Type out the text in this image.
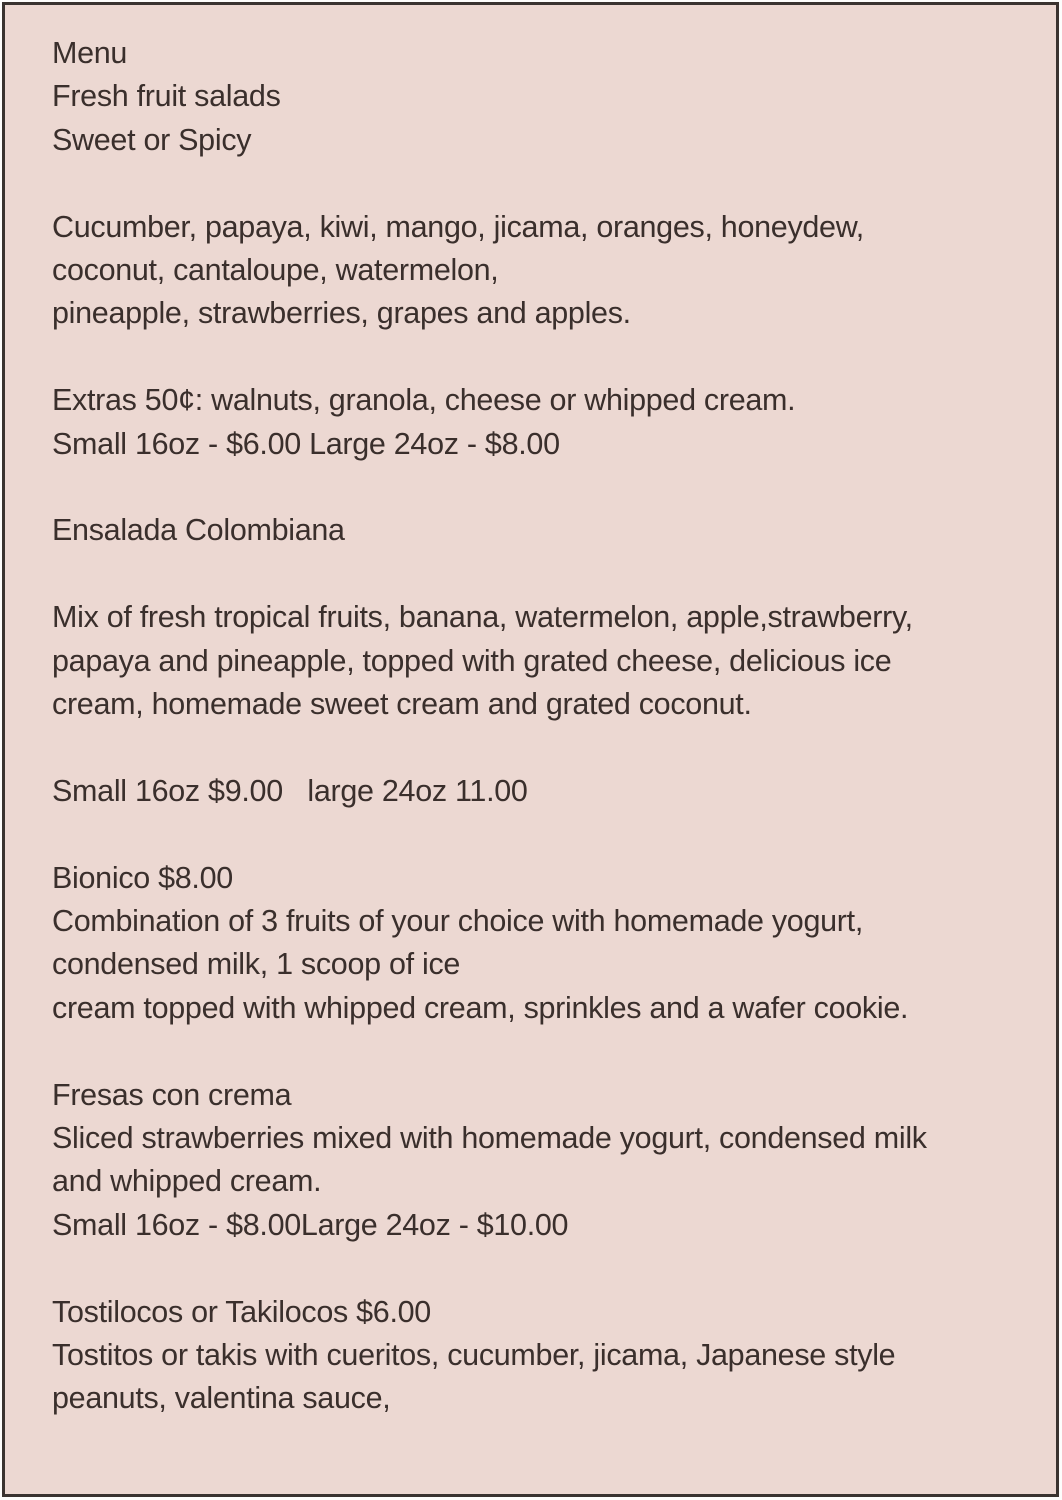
Menu
Fresh fruit salads
Sweet or Spicy
Cucumber, papaya, kiwi, mango, jicama, oranges, honeydew,
coconut, cantaloupe, watermelon,
pineapple, strawberries, grapes and apples.
Extras 50¢: walnuts, granola, cheese or whipped cream.
Small 16oz - $6.00 Large 24oz - $8.00
Ensalada Colombiana
Mix of fresh tropical fruits, banana, watermelon, apple,strawberry,
papaya and pineapple, topped with grated cheese, delicious ice
cream, homemade sweet cream and grated coconut.
Small 16oz $9.00   large 24oz 11.00
Bionico $8.00
Combination of 3 fruits of your choice with homemade yogurt,
condensed milk, 1 scoop of ice
cream topped with whipped cream, sprinkles and a wafer cookie.
Fresas con crema
Sliced strawberries mixed with homemade yogurt, condensed milk
and whipped cream.
Small 16oz - $8.00Large 24oz - $10.00
Tostilocos or Takilocos $6.00
Tostitos or takis with cueritos, cucumber, jicama, Japanese style
peanuts, valentina sauce,
